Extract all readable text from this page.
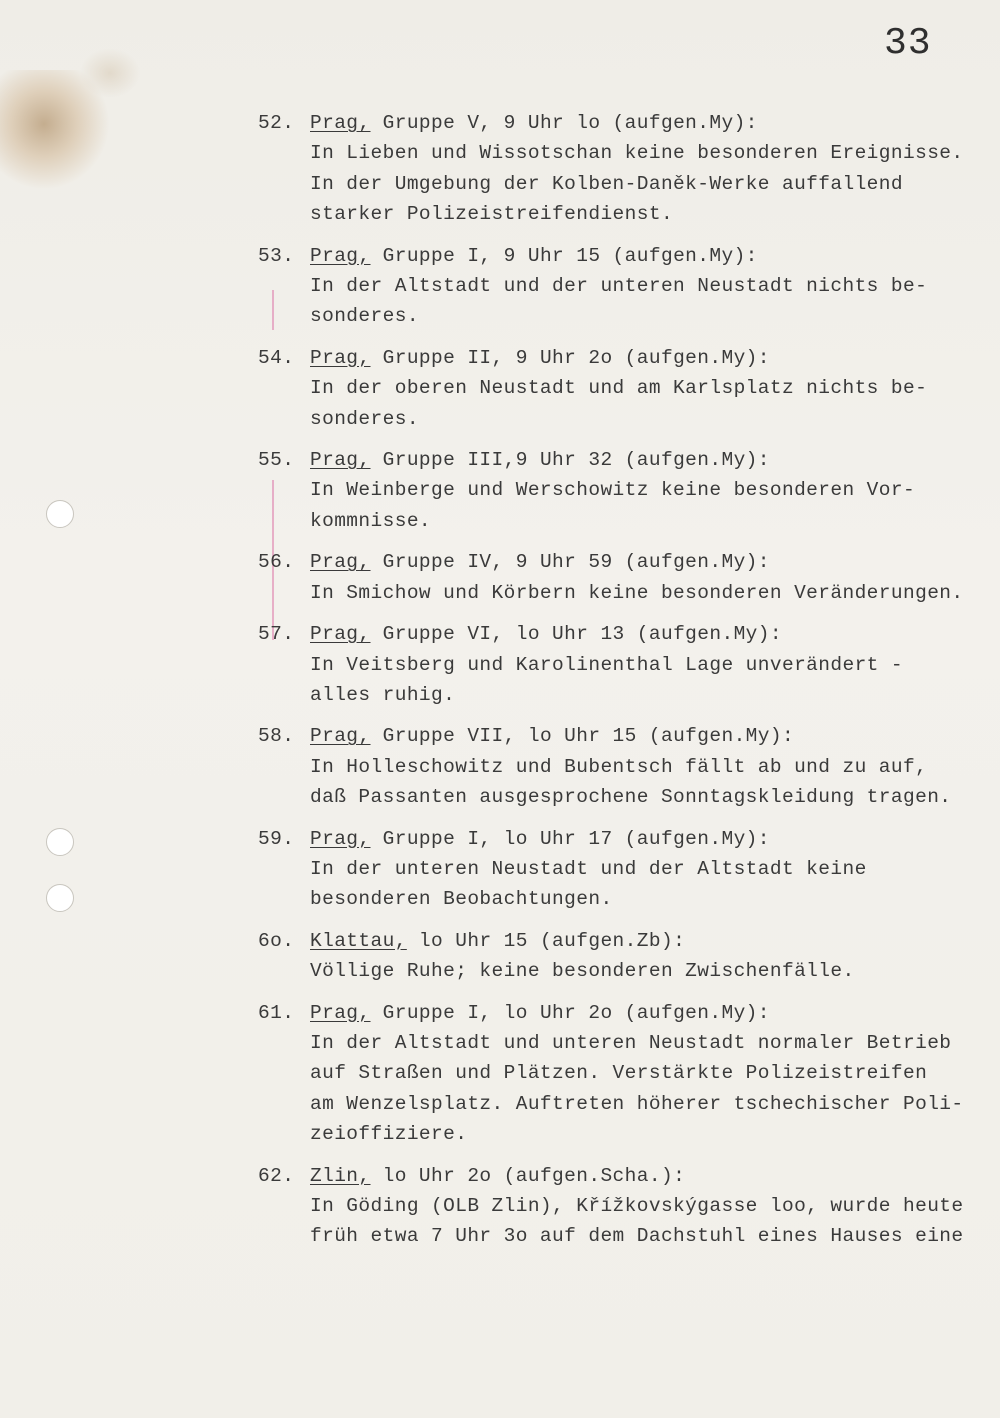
33
52. Prag, Gruppe V, 9 Uhr lo (aufgen.My):
In Lieben und Wissotschan keine besonderen Ereignisse.
In der Umgebung der Kolben-Daněk-Werke auffallend
starker Polizeistreifendienst.
53. Prag, Gruppe I, 9 Uhr 15 (aufgen.My):
In der Altstadt und der unteren Neustadt nichts be-
sonderes.
54. Prag, Gruppe II, 9 Uhr 2o (aufgen.My):
In der oberen Neustadt und am Karlsplatz nichts be-
sonderes.
55. Prag, Gruppe III,9 Uhr 32 (aufgen.My):
In Weinberge und Werschowitz keine besonderen Vor-
kommnisse.
56. Prag, Gruppe IV, 9 Uhr 59 (aufgen.My):
In Smichow und Körbern keine besonderen Veränderungen.
57. Prag, Gruppe VI, lo Uhr 13 (aufgen.My):
In Veitsberg und Karolinenthal Lage unverändert -
alles ruhig.
58. Prag, Gruppe VII, lo Uhr 15 (aufgen.My):
In Holleschowitz und Bubentsch fällt ab und zu auf,
daß Passanten ausgesprochene Sonntagskleidung tragen.
59. Prag, Gruppe I, lo Uhr 17 (aufgen.My):
In der unteren Neustadt und der Altstadt keine
besonderen Beobachtungen.
6o. Klattau, lo Uhr 15 (aufgen.Zb):
Völlige Ruhe; keine besonderen Zwischenfälle.
61. Prag, Gruppe I, lo Uhr 2o (aufgen.My):
In der Altstadt und unteren Neustadt normaler Betrieb
auf Straßen und Plätzen. Verstärkte Polizeistreifen
am Wenzelsplatz. Auftreten höherer tschechischer Poli-
zeioffiziere.
62. Zlin, lo Uhr 2o (aufgen.Scha.):
In Göding (OLB Zlin), Křížkovskýgasse loo, wurde heute
früh etwa 7 Uhr 3o auf dem Dachstuhl eines Hauses eine
